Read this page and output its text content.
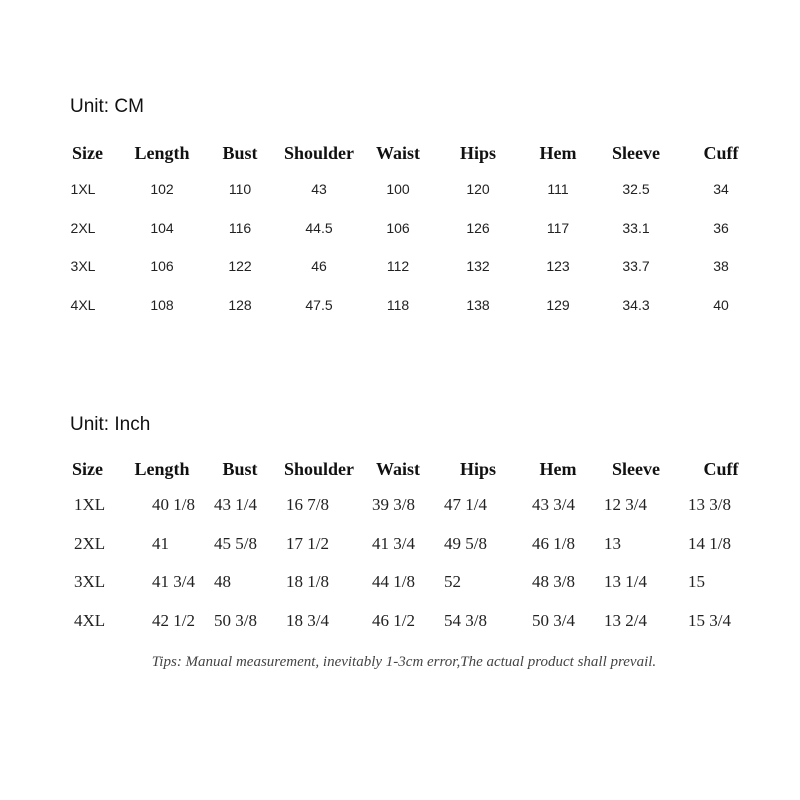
Unit: CM
Size	Length	Bust	Shoulder	Waist	Hips	Hem	Sleeve	Cuff
1XL	102	110	43	100	120	111	32.5	34
2XL	104	116	44.5	106	126	117	33.1	36
3XL	106	122	46	112	132	123	33.7	38
4XL	108	128	47.5	118	138	129	34.3	40
Unit: Inch
Size	Length	Bust	Shoulder	Waist	Hips	Hem	Sleeve	Cuff
1XL	40 1/8	43 1/4	16 7/8	39 3/8	47 1/4	43 3/4	12 3/4	13 3/8
2XL	41	45 5/8	17 1/2	41 3/4	49 5/8	46 1/8	13	14 1/8
3XL	41 3/4	48	18 1/8	44 1/8	52	48 3/8	13 1/4	15
4XL	42 1/2	50 3/8	18 3/4	46 1/2	54 3/8	50 3/4	13 2/4	15 3/4
Tips: Manual measurement, inevitably 1-3cm error,The actual product shall prevail.
